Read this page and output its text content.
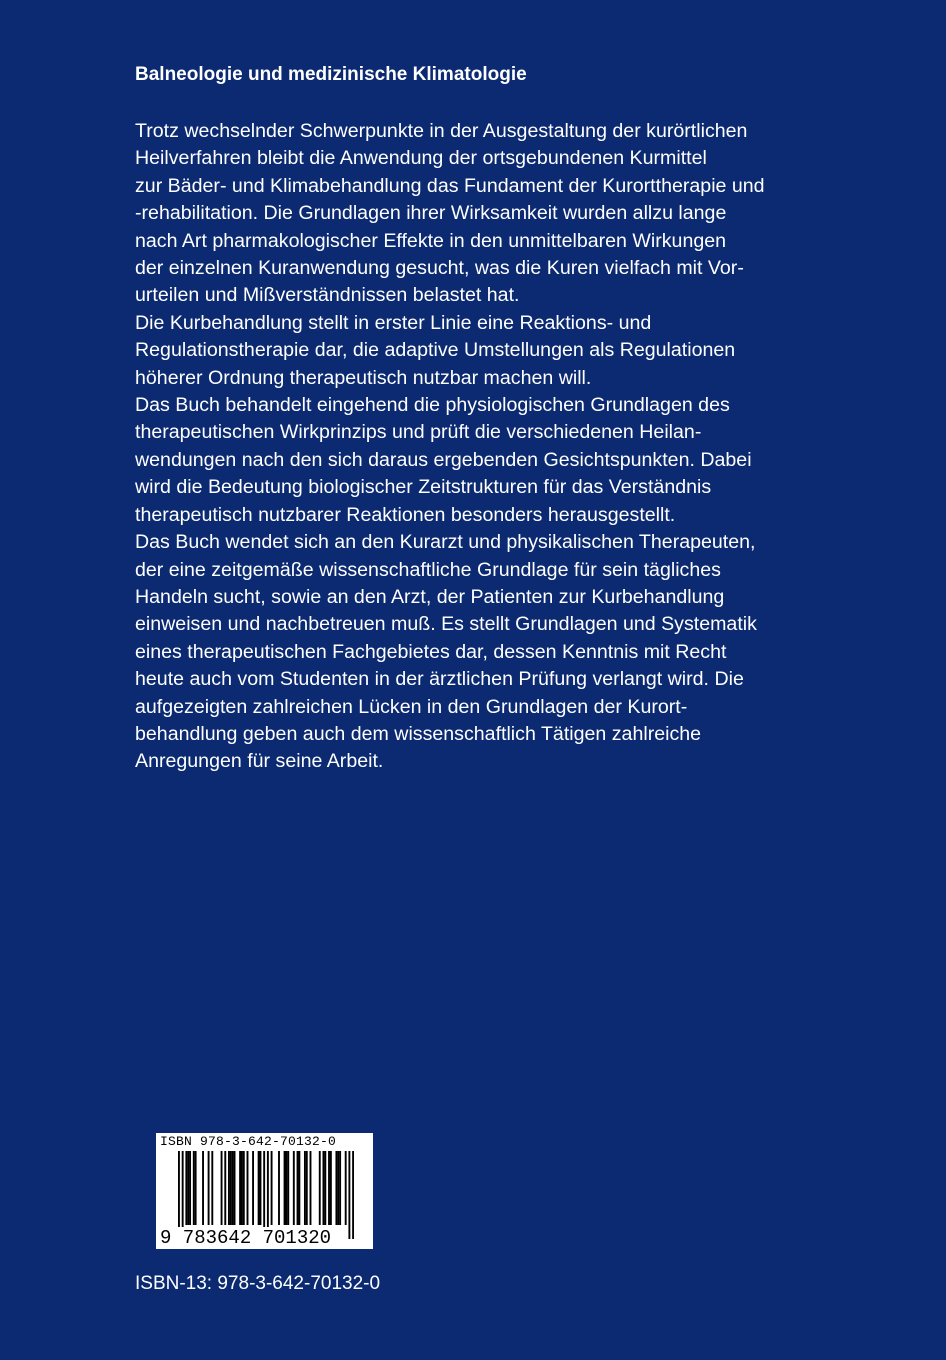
Balneologie und medizinische Klimatologie
Trotz wechselnder Schwerpunkte in der Ausgestaltung der kurörtlichen
Heilverfahren bleibt die Anwendung der ortsgebundenen Kurmittel
zur Bäder- und Klimabehandlung das Fundament der Kurorttherapie und
-rehabilitation. Die Grundlagen ihrer Wirksamkeit wurden allzu lange
nach Art pharmakologischer Effekte in den unmittelbaren Wirkungen
der einzelnen Kuranwendung gesucht, was die Kuren vielfach mit Vor-
urteilen und Mißverständnissen belastet hat.
Die Kurbehandlung stellt in erster Linie eine Reaktions- und
Regulationstherapie dar, die adaptive Umstellungen als Regulationen
höherer Ordnung therapeutisch nutzbar machen will.
Das Buch behandelt eingehend die physiologischen Grundlagen des
therapeutischen Wirkprinzips und prüft die verschiedenen Heilan-
wendungen nach den sich daraus ergebenden Gesichtspunkten. Dabei
wird die Bedeutung biologischer Zeitstrukturen für das Verständnis
therapeutisch nutzbarer Reaktionen besonders herausgestellt.
Das Buch wendet sich an den Kurarzt und physikalischen Therapeuten,
der eine zeitgemäße wissenschaftliche Grundlage für sein tägliches
Handeln sucht, sowie an den Arzt, der Patienten zur Kurbehandlung
einweisen und nachbetreuen muß. Es stellt Grundlagen und Systematik
eines therapeutischen Fachgebietes dar, dessen Kenntnis mit Recht
heute auch vom Studenten in der ärztlichen Prüfung verlangt wird. Die
aufgezeigten zahlreichen Lücken in den Grundlagen der Kurort-
behandlung geben auch dem wissenschaftlich Tätigen zahlreiche
Anregungen für seine Arbeit.
ISBN 978-3-642-70132-0
9 783642 701320
ISBN-13: 978-3-642-70132-0
